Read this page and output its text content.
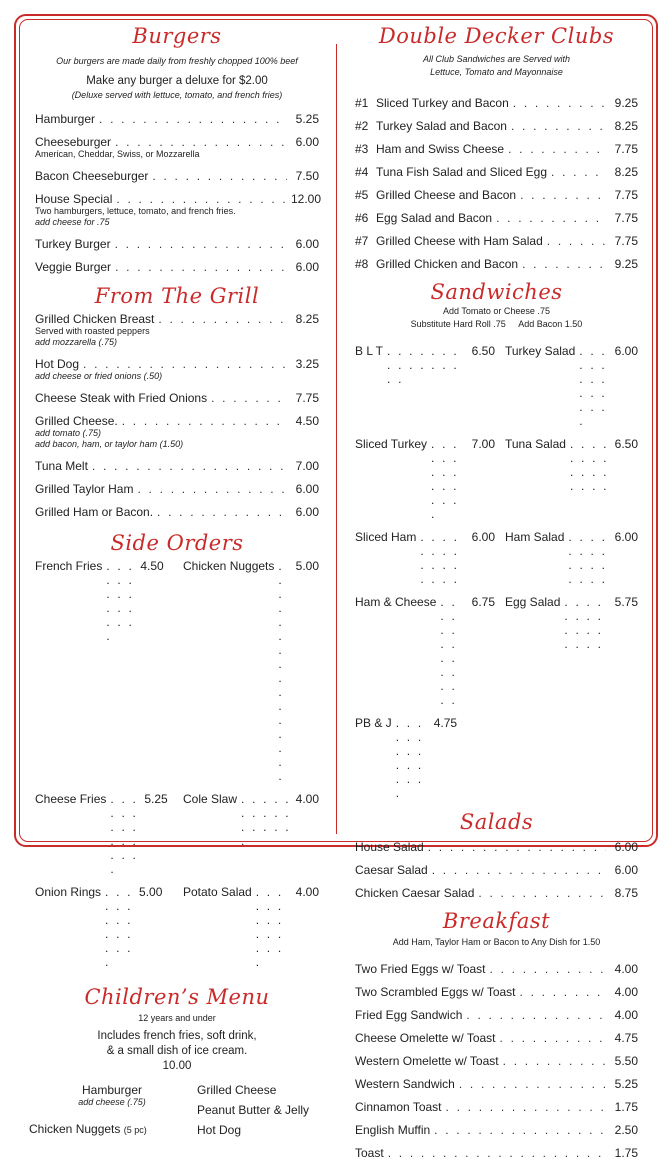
Burgers
Our burgers are made daily from freshly chopped 100% beef
Make any burger a deluxe for $2.00
(Deluxe served with lettuce, tomato, and french fries)
Hamburger . . .	5.25
Cheeseburger . . .	6.00
American, Cheddar, Swiss, or Mozzarella
Bacon Cheeseburger . . .	7.50
House Special . . .	12.00
Two hamburgers, lettuce, tomato, and french fries.
add cheese for .75
Turkey Burger . . .	6.00
Veggie Burger . . .	6.00
From The Grill
Grilled Chicken Breast . . .	8.25
Served with roasted peppers
add mozzarella (.75)
Hot Dog . . .	3.25
add cheese or fried onions (.50)
Cheese Steak with Fried Onions . . .	7.75
Grilled Cheese. . . .	4.50
add tomato (.75)
add bacon, ham, or taylor ham (1.50)
Tuna Melt . . .	7.00
Grilled Taylor Ham . . .	6.00
Grilled Ham or Bacon. . . .	6.00
Side Orders
French Fries . . .	4.50 Chicken Nuggets . . . 5.00
Cheese Fries . . .	5.25 Cole Slaw . . .	4.00
Onion Rings . . .	5.00 Potato Salad . . .	4.00
Children’s Menu
12 years and under
Includes french fries, soft drink,
& a small dish of ice cream.
10.00
Hamburger
add cheese (.75)
Chicken Nuggets (5 pc)
Grilled Cheese
Peanut Butter & Jelly
Hot Dog
Double Decker Clubs
All Club Sandwiches are Served with
Lettuce, Tomato and Mayonnaise
#1 Sliced Turkey and Bacon . . .	9.25
#2 Turkey Salad and Bacon . . .	8.25
#3 Ham and Swiss Cheese . . .	7.75
#4 Tuna Fish Salad and Sliced Egg . . .	8.25
#5 Grilled Cheese and Bacon . . .	7.75
#6 Egg Salad and Bacon . . .	7.75
#7 Grilled Cheese with Ham Salad . . .	7.75
#8 Grilled Chicken and Bacon . . .	9.25
Sandwiches
Add Tomato or Cheese .75
Substitute Hard Roll .75 Add Bacon 1.50
B L T . . .	6.50 Turkey Salad . . .	6.00
Sliced Turkey . . .	7.00 Tuna Salad . . .	6.50
Sliced Ham . . .	6.00 Ham Salad . . .	6.00
Ham & Cheese . . .	6.75 Egg Salad . . .	5.75
PB & J . . .	4.75
Salads
House Salad . . .	6.00
Caesar Salad . . .	6.00
Chicken Caesar Salad . . .	8.75
Breakfast
Add Ham, Taylor Ham or Bacon to Any Dish for 1.50
Two Fried Eggs w/ Toast . . .	4.00
Two Scrambled Eggs w/ Toast . . .	4.00
Fried Egg Sandwich . . .	4.00
Cheese Omelette w/ Toast . . .	4.75
Western Omelette w/ Toast . . .	5.50
Western Sandwich . . .	5.25
Cinnamon Toast . . .	1.75
English Muffin . . .	2.50
Toast . . .	1.75
